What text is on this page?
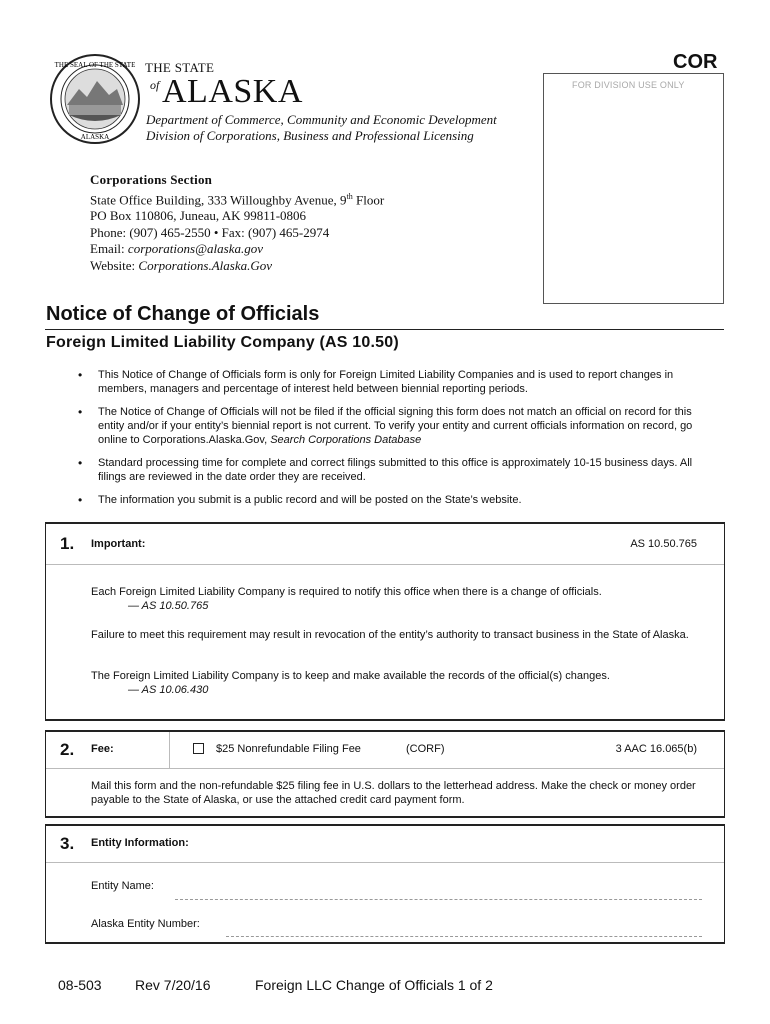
THE SEAL OF THE STATE
ALASKA
THE STATE
of ALASKA
Department of Commerce, Community and Economic Development
Division of Corporations, Business and Professional Licensing
COR
FOR DIVISION USE ONLY
Corporations Section
State Office Building, 333 Willoughby Avenue, 9th Floor
PO Box 110806, Juneau, AK 99811-0806
Phone: (907) 465-2550 • Fax: (907) 465-2974
Email: corporations@alaska.gov
Website: Corporations.Alaska.Gov
Notice of Change of Officials
Foreign Limited Liability Company (AS 10.50)
• This Notice of Change of Officials form is only for Foreign Limited Liability Companies and is used to report changes in members, managers and percentage of interest held between biennial reporting periods.
• The Notice of Change of Officials will not be filed if the official signing this form does not match an official on record for this entity and/or if your entity’s biennial report is not current. To verify your entity and current officials information on record, go online to Corporations.Alaska.Gov, Search Corporations Database
• Standard processing time for complete and correct filings submitted to this office is approximately 10-15 business days. All filings are reviewed in the date order they are received.
• The information you submit is a public record and will be posted on the State’s website.
1. Important:	AS 10.50.765
Each Foreign Limited Liability Company is required to notify this office when there is a change of officials.
— AS 10.50.765
Failure to meet this requirement may result in revocation of the entity’s authority to transact business in the State of Alaska.
The Foreign Limited Liability Company is to keep and make available the records of the official(s) changes.
— AS 10.06.430
2. Fee:	$25 Nonrefundable Filing Fee	(CORF)	3 AAC 16.065(b)
Mail this form and the non-refundable $25 filing fee in U.S. dollars to the letterhead address. Make the check or money order payable to the State of Alaska, or use the attached credit card payment form.
3. Entity Information:
Entity Name:
Alaska Entity Number:
08-503 Rev 7/20/16	Foreign LLC Change of Officials 1 of 2
